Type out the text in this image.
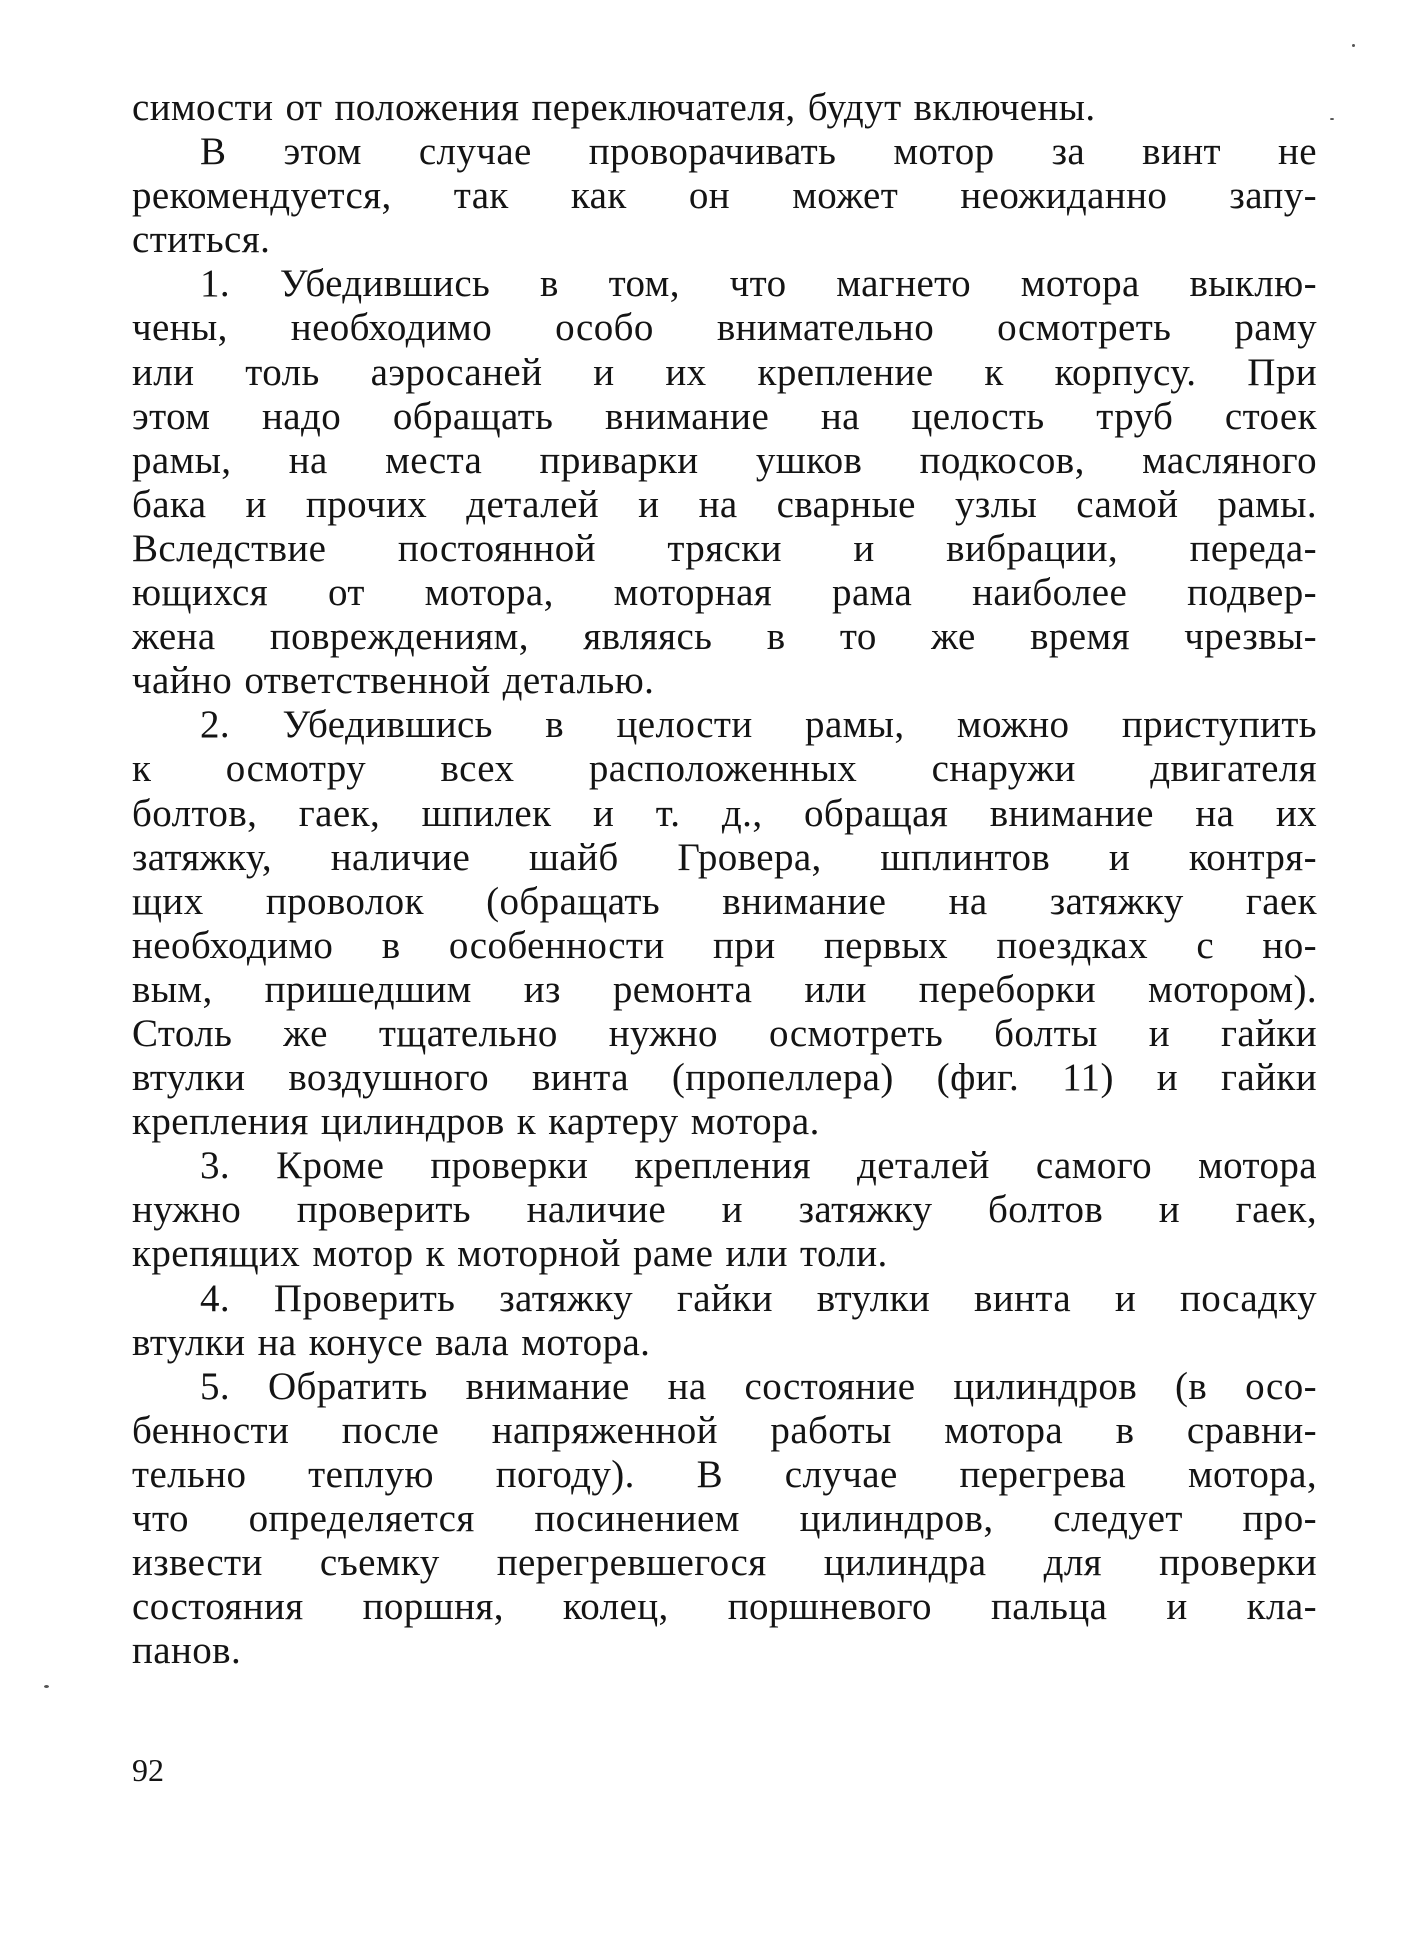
симости от положения переключателя, будут включены.
В этом случае проворачивать мотор за винт не
рекомендуется, так как он может неожиданно запу-
ститься.
1. Убедившись в том, что магнето мотора выклю-
чены, необходимо особо внимательно осмотреть раму
или толь аэросаней и их крепление к корпусу. При
этом надо обращать внимание на целость труб стоек
рамы, на места приварки ушков подкосов, масляного
бака и прочих деталей и на сварные узлы самой рамы.
Вследствие постоянной тряски и вибрации, переда-
ющихся от мотора, моторная рама наиболее подвер-
жена повреждениям, являясь в то же время чрезвы-
чайно ответственной деталью.
2. Убедившись в целости рамы, можно приступить
к осмотру всех расположенных снаружи двигателя
болтов, гаек, шпилек и т. д., обращая внимание на их
затяжку, наличие шайб Гровера, шплинтов и контря-
щих проволок (обращать внимание на затяжку гаек
необходимо в особенности при первых поездках с но-
вым, пришедшим из ремонта или переборки мотором).
Столь же тщательно нужно осмотреть болты и гайки
втулки воздушного винта (пропеллера) (фиг. 11) и гайки
крепления цилиндров к картеру мотора.
3. Кроме проверки крепления деталей самого мотора
нужно проверить наличие и затяжку болтов и гаек,
крепящих мотор к моторной раме или толи.
4. Проверить затяжку гайки втулки винта и посадку
втулки на конусе вала мотора.
5. Обратить внимание на состояние цилиндров (в осо-
бенности после напряженной работы мотора в сравни-
тельно теплую погоду). В случае перегрева мотора,
что определяется посинением цилиндров, следует про-
извести съемку перегревшегося цилиндра для проверки
состояния поршня, колец, поршневого пальца и кла-
панов.
92
